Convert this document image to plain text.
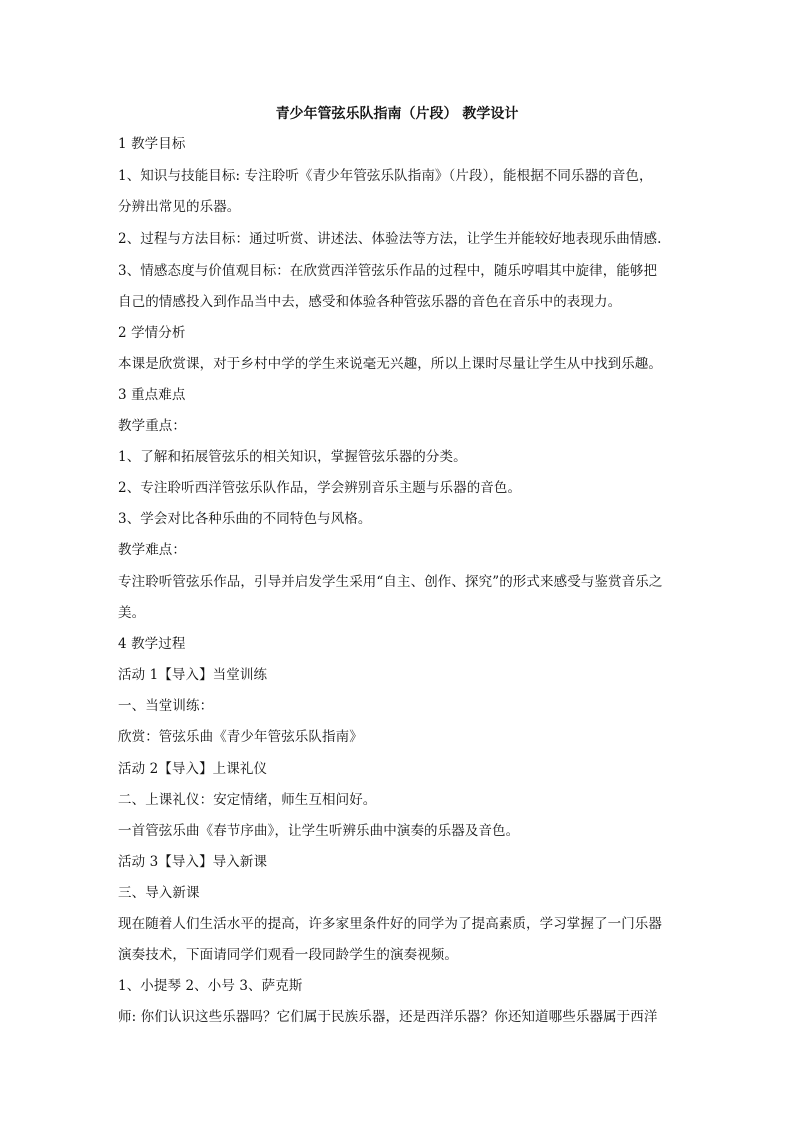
青少年管弦乐队指南（片段） 教学设计
1 教学目标
1、知识与技能目标: 专注聆听《青少年管弦乐队指南》（片段），能根据不同乐器的音色，
分辨出常见的乐器。
2、过程与方法目标：通过听赏、讲述法、体验法等方法，让学生并能较好地表现乐曲情感.
3、情感态度与价值观目标：在欣赏西洋管弦乐作品的过程中，随乐哼唱其中旋律，能够把
自己的情感投入到作品当中去，感受和体验各种管弦乐器的音色在音乐中的表现力。
2 学情分析
本课是欣赏课，对于乡村中学的学生来说毫无兴趣，所以上课时尽量让学生从中找到乐趣。
3 重点难点
教学重点：
1、了解和拓展管弦乐的相关知识，掌握管弦乐器的分类。
2、专注聆听西洋管弦乐队作品，学会辨别音乐主题与乐器的音色。
3、学会对比各种乐曲的不同特色与风格。
教学难点：
专注聆听管弦乐作品，引导并启发学生采用“自主、创作、探究”的形式来感受与鉴赏音乐之
美。
4 教学过程
活动 1【导入】当堂训练
一、当堂训练：
欣赏：管弦乐曲《青少年管弦乐队指南》
活动 2【导入】上课礼仪
二、上课礼仪：安定情绪，师生互相问好。
一首管弦乐曲《春节序曲》，让学生听辨乐曲中演奏的乐器及音色。
活动 3【导入】导入新课
三、导入新课
现在随着人们生活水平的提高，许多家里条件好的同学为了提高素质，学习掌握了一门乐器
演奏技术，下面请同学们观看一段同龄学生的演奏视频。
1、小提琴 2、小号 3、萨克斯
师: 你们认识这些乐器吗？它们属于民族乐器，还是西洋乐器？你还知道哪些乐器属于西洋
